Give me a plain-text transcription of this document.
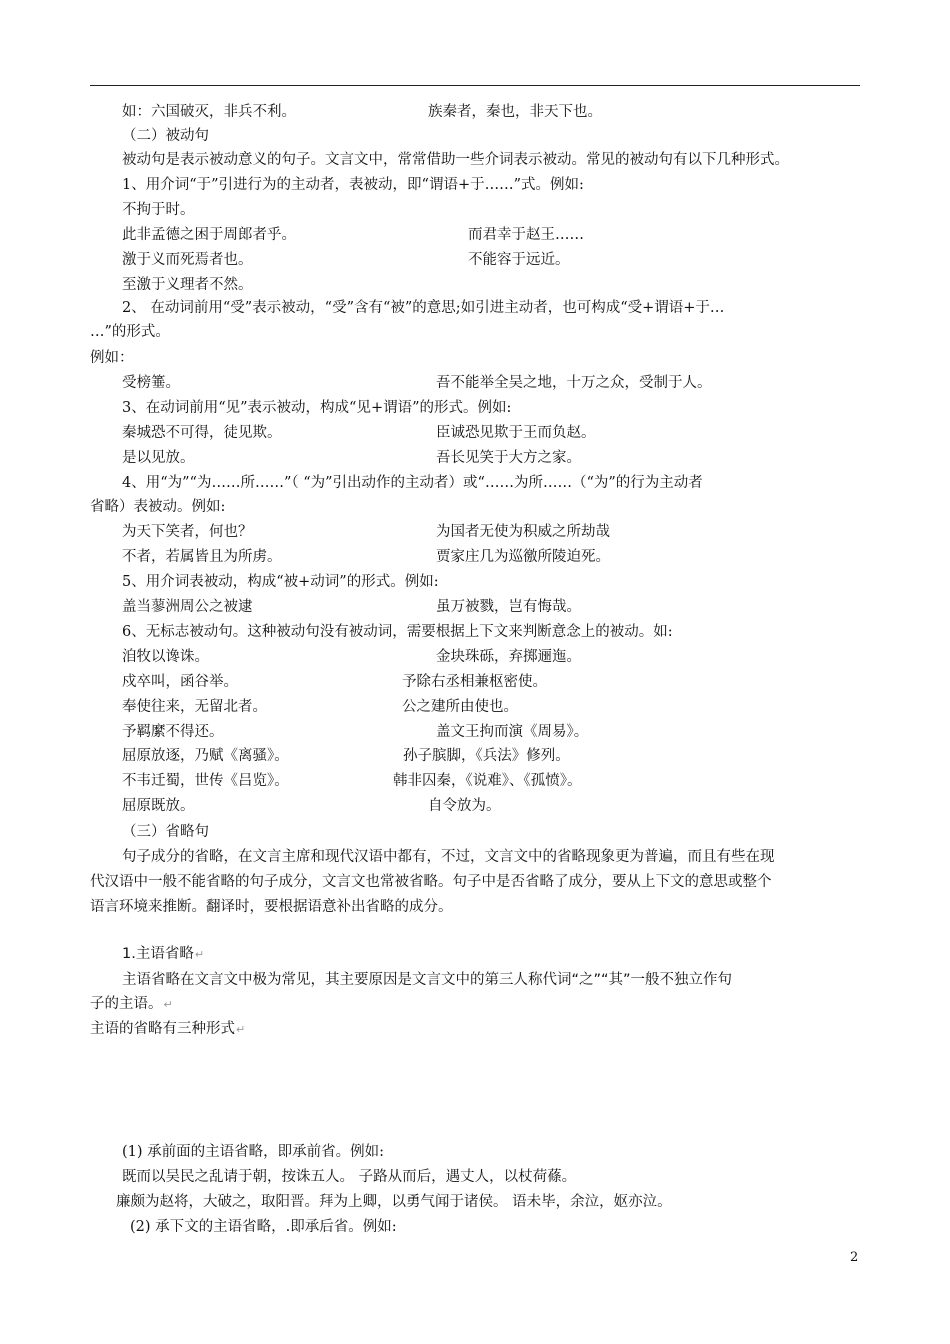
如：六国破灭，非兵不利。
（二）被动句
被动句是表示被动意义的句子。文言文中，常常借助一些介词表示被动。常见的被动句有以下几种形式。
1、用介词“于”引进行为的主动者，表被动，即“谓语+于……”式。例如:
不拘于时。
此非孟德之困于周郎者乎。
激于义而死焉者也。
至激于义理者不然。
2、 在动词前用“受”表示被动，“受”含有“被”的意思;如引进主动者，也可构成“受+谓语+于…
…”的形式。
例如：
受榜箠。
3、在动词前用“见”表示被动，构成“见+谓语”的形式。例如:
秦城恐不可得，徒见欺。
是以见放。
4、用“为”“为……所……”（ “为”引出动作的主动者）或“……为所……（“为”的行为主动者
省略）表被动。例如:
为天下笑者，何也？
不者，若属皆且为所虏。
5、用介词表被动，构成“被+动词”的形式。例如:
盖当蓼洲周公之被逮
6、无标志被动句。这种被动句没有被动词，需要根据上下文来判断意念上的被动。如:
洎牧以谗诛。
戍卒叫，函谷举。
奉使往来，无留北者。
予羁縻不得还。
屈原放逐，乃赋《离骚》。
不韦迁蜀，世传《吕览》。
屈原既放。
（三）省略句
句子成分的省略，在文言主席和现代汉语中都有，不过，文言文中的省略现象更为普遍，而且有些在现
代汉语中一般不能省略的句子成分，文言文也常被省略。句子中是否省略了成分，要从上下文的意思或整个
语言环境来推断。翻译时，要根据语意补出省略的成分。
(1) 承前面的主语省略，即承前省。例如:
既而以吴民之乱请于朝，按诛五人。 子路从而后，遇丈人，以杖荷蓧。
廉颇为赵将，大破之，取阳晋。拜为上卿，以勇气闻于诸侯。 语未毕，余泣，妪亦泣。
(2) 承下文的主语省略，.即承后省。例如:
族秦者，秦也，非天下也。
而君幸于赵王……
不能容于远近。
吾不能举全吴之地，十万之众，受制于人。
臣诚恐见欺于王而负赵。
吾长见笑于大方之家。
为国者无使为积威之所劫哉
贾家庄几为巡徼所陵迫死。
虽万被戮，岂有悔哉。
金块珠砾，弃掷逦迤。
予除右丞相兼枢密使。
公之建所由使也。
盖文王拘而演《周易》。
孙子膑脚，《兵法》修列。
韩非囚秦，《说难》、《孤愤》。
自令放为。
1.主语省略↵
主语省略在文言文中极为常见，其主要原因是文言文中的第三人称代词“之”“其”一般不独立作句
子的主语。↵
主语的省略有三种形式↵
2
